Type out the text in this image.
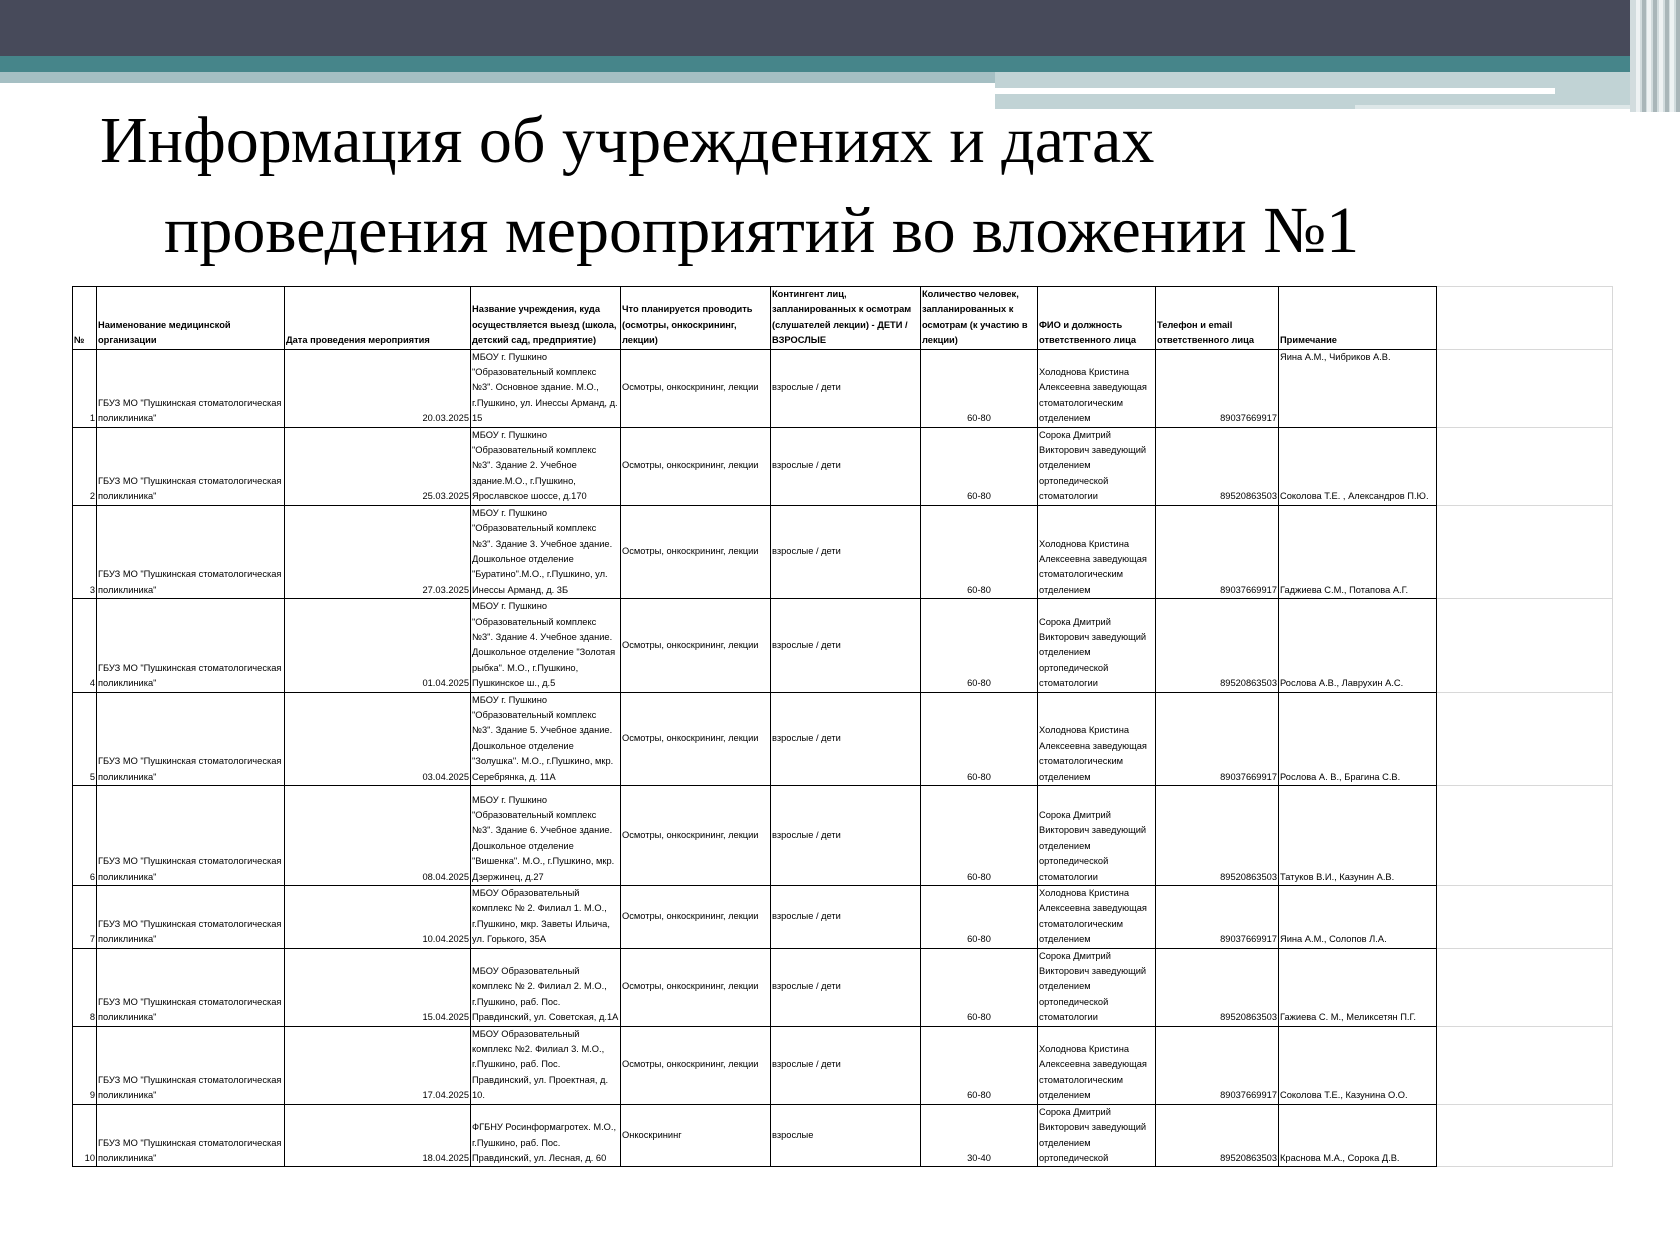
Информация об учреждениях и датах
проведения мероприятий во вложении №1
№	Наименование медицинской организации	Дата проведения мероприятия	Название учреждения, куда осуществляется выезд (школа, детский сад, предприятие)	Что планируется проводить (осмотры, онкоскрининг, лекции)	Контингент лиц, запланированных к осмотрам (слушателей лекции) - ДЕТИ / ВЗРОСЛЫЕ	Количество человек, запланированных к осмотрам (к участию в лекции)	ФИО и должность ответственного лица	Телефон и email ответственного лица	Примечание	
1	ГБУЗ МО "Пушкинская стоматологическая поликлиника"	20.03.2025	МБОУ г. Пушкино "Образовательный комплекс №3". Основное здание. М.О., г.Пушкино, ул. Инессы Арманд, д. 15	Осмотры, онкоскрининг, лекции	взрослые / дети	60-80	Холоднова Кристина Алексеевна заведующая стоматологическим отделением	89037669917	Яина А.М., Чибриков А.В.	
2	ГБУЗ МО "Пушкинская стоматологическая поликлиника"	25.03.2025	МБОУ г. Пушкино "Образовательный комплекс №3". Здание 2. Учебное здание.М.О., г.Пушкино, Ярославское шоссе, д.170	Осмотры, онкоскрининг, лекции	взрослые / дети	60-80	Сорока Дмитрий Викторович заведующий отделением ортопедической стоматологии	89520863503	Соколова Т.Е. , Александров П.Ю.	
3	ГБУЗ МО "Пушкинская стоматологическая поликлиника"	27.03.2025	МБОУ г. Пушкино "Образовательный комплекс №3". Здание 3. Учебное здание. Дошкольное отделение "Буратино".М.О., г.Пушкино, ул. Инессы Арманд, д. 3Б	Осмотры, онкоскрининг, лекции	взрослые / дети	60-80	Холоднова Кристина Алексеевна заведующая стоматологическим отделением	89037669917	Гаджиева С.М., Потапова А.Г.	
4	ГБУЗ МО "Пушкинская стоматологическая поликлиника"	01.04.2025	МБОУ г. Пушкино "Образовательный комплекс №3". Здание 4. Учебное здание. Дошкольное отделение "Золотая рыбка". М.О., г.Пушкино, Пушкинское ш., д.5	Осмотры, онкоскрининг, лекции	взрослые / дети	60-80	Сорока Дмитрий Викторович заведующий отделением ортопедической стоматологии	89520863503	Рослова А.В., Лаврухин А.С.	
5	ГБУЗ МО "Пушкинская стоматологическая поликлиника"	03.04.2025	МБОУ г. Пушкино "Образовательный комплекс №3". Здание 5. Учебное здание. Дошкольное отделение "Золушка". М.О., г.Пушкино, мкр. Серебрянка, д. 11А	Осмотры, онкоскрининг, лекции	взрослые / дети	60-80	Холоднова Кристина Алексеевна заведующая стоматологическим отделением	89037669917	Рослова А. В., Брагина С.В.	
6	ГБУЗ МО "Пушкинская стоматологическая поликлиника"	08.04.2025	МБОУ г. Пушкино "Образовательный комплекс №3". Здание 6. Учебное здание. Дошкольное отделение "Вишенка". М.О., г.Пушкино, мкр. Дзержинец, д.27	Осмотры, онкоскрининг, лекции	взрослые / дети	60-80	Сорока Дмитрий Викторович заведующий отделением ортопедической стоматологии	89520863503	Татуков В.И., Казунин А.В.	
7	ГБУЗ МО "Пушкинская стоматологическая поликлиника"	10.04.2025	МБОУ Образовательный комплекс № 2. Филиал 1. М.О., г.Пушкино, мкр. Заветы Ильича, ул. Горького, 35А	Осмотры, онкоскрининг, лекции	взрослые / дети	60-80	Холоднова Кристина Алексеевна заведующая стоматологическим отделением	89037669917	Яина А.М., Солопов Л.А.	
8	ГБУЗ МО "Пушкинская стоматологическая поликлиника"	15.04.2025	МБОУ Образовательный комплекс № 2. Филиал 2. М.О., г.Пушкино, раб. Пос. Правдинский, ул. Советская, д.1А	Осмотры, онкоскрининг, лекции	взрослые / дети	60-80	Сорока Дмитрий Викторович заведующий отделением ортопедической стоматологии	89520863503	Гажиева С. М., Меликсетян П.Г.	
9	ГБУЗ МО "Пушкинская стоматологическая поликлиника"	17.04.2025	МБОУ Образовательный комплекс №2. Филиал 3. М.О., г.Пушкино, раб. Пос. Правдинский, ул. Проектная, д. 10.	Осмотры, онкоскрининг, лекции	взрослые / дети	60-80	Холоднова Кристина Алексеевна заведующая стоматологическим отделением	89037669917	Соколова Т.Е., Казунина О.О.	
10	ГБУЗ МО "Пушкинская стоматологическая поликлиника"	18.04.2025	ФГБНУ Росинформагротех. М.О., г.Пушкино, раб. Пос. Правдинский, ул. Лесная, д. 60	Онкоскрининг	взрослые	30-40	Сорока Дмитрий Викторович заведующий отделением ортопедической	89520863503	Краснова М.А., Сорока Д.В.	
